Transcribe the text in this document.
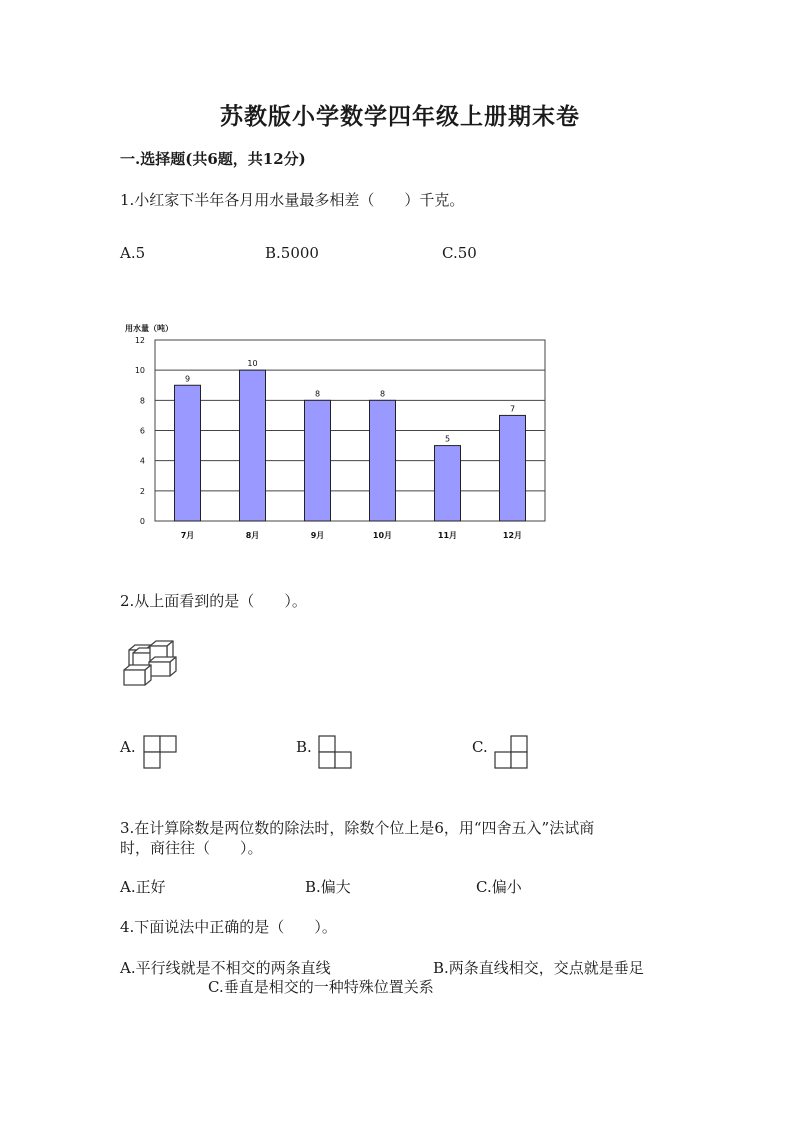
苏教版小学数学四年级上册期末卷
一.选择题(共6题，共12分)
1.小红家下半年各月用水量最多相差（　　）千克。
A.5	B.5000	C.50
用水量（吨）
0
2
4
6
8
10
12
9
7月
10
8月
8
9月
8
10月
5
11月
7
12月
2.从上面看到的是（　　）。
A.	B.	C.
3.在计算除数是两位数的除法时，除数个位上是6，用“四舍五入”法试商
时，商往往（　　）。
A.正好	B.偏大	C.偏小
4.下面说法中正确的是（　　）。
A.平行线就是不相交的两条直线	B.两条直线相交，交点就是垂足
C.垂直是相交的一种特殊位置关系
